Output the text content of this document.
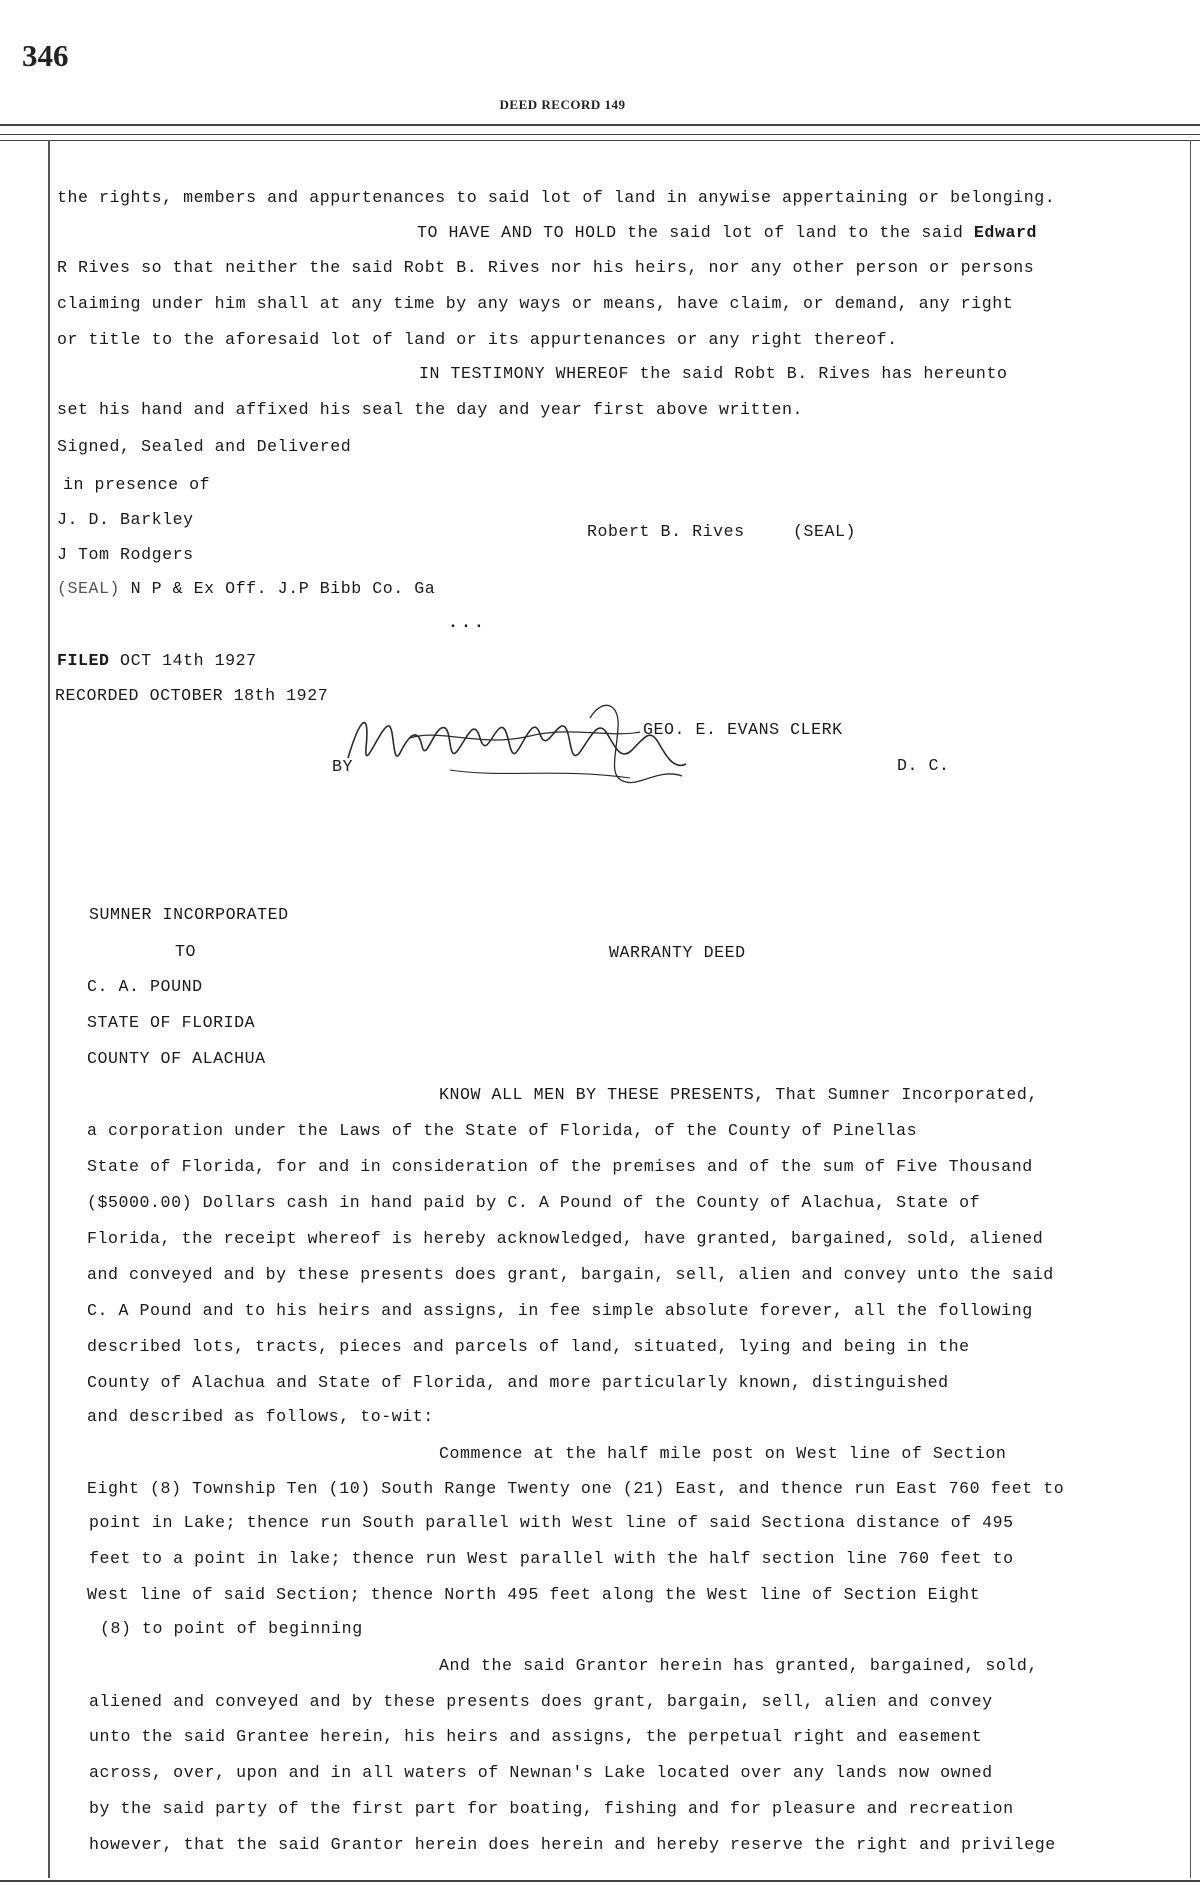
346
DEED RECORD 149
the rights, members and appurtenances to said lot of land in anywise appertaining or belonging.
TO HAVE AND TO HOLD the said lot of land to the said Edward
R Rives so that neither the said Robt B. Rives nor his heirs, nor any other person or persons
claiming under him shall at any time by any ways or means, have claim, or demand, any right
or title to the aforesaid lot of land or its appurtenances or any right thereof.
IN TESTIMONY WHEREOF the said Robt B. Rives has hereunto
set his hand and affixed his seal the day and year first above written.
Signed, Sealed and Delivered
in presence of
J. D. Barkley
J Tom Rodgers
(SEAL) N P & Ex Off. J.P Bibb Co. Ga
Robert B. Rives	(SEAL)
...
FILED OCT 14th 1927
RECORDED OCTOBER 18th 1927
GEO. E. EVANS CLERK
BY	D. C.
SUMNER INCORPORATED
TO	WARRANTY DEED
C. A. POUND
STATE OF FLORIDA
COUNTY OF ALACHUA
KNOW ALL MEN BY THESE PRESENTS, That Sumner Incorporated,
a corporation under the Laws of the State of Florida, of the County of Pinellas
State of Florida, for and in consideration of the premises and of the sum of Five Thousand
($5000.00) Dollars cash in hand paid by C. A Pound of the County of Alachua, State of
Florida, the receipt whereof is hereby acknowledged, have granted, bargained, sold, aliened
and conveyed and by these presents does grant, bargain, sell, alien and convey unto the said
C. A Pound and to his heirs and assigns, in fee simple absolute forever, all the following
described lots, tracts, pieces and parcels of land, situated, lying and being in the
County of Alachua and State of Florida, and more particularly known, distinguished
and described as follows, to-wit:
Commence at the half mile post on West line of Section
Eight (8) Township Ten (10) South Range Twenty one (21) East, and thence run East 760 feet to
point in Lake; thence run South parallel with West line of said Sectiona distance of 495
feet to a point in lake; thence run West parallel with the half section line 760 feet to
West line of said Section; thence North 495 feet along the West line of Section Eight
(8) to point of beginning
And the said Grantor herein has granted, bargained, sold,
aliened and conveyed and by these presents does grant, bargain, sell, alien and convey
unto the said Grantee herein, his heirs and assigns, the perpetual right and easement
across, over, upon and in all waters of Newnan's Lake located over any lands now owned
by the said party of the first part for boating, fishing and for pleasure and recreation
however, that the said Grantor herein does herein and hereby reserve the right and privilege
